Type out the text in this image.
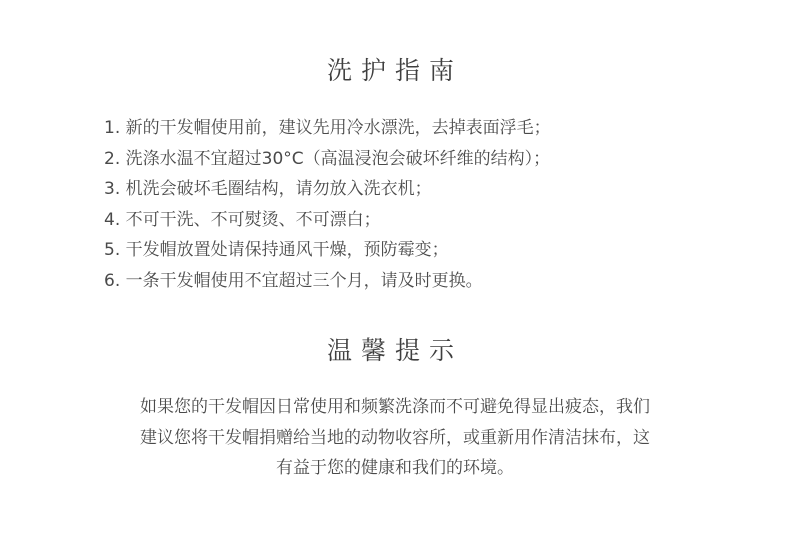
洗护指南
1. 新的干发帽使用前，建议先用冷水漂洗，去掉表面浮毛；
2. 洗涤水温不宜超过30°C（高温浸泡会破坏纤维的结构）；
3. 机洗会破坏毛圈结构，请勿放入洗衣机；
4. 不可干洗、不可熨烫、不可漂白；
5. 干发帽放置处请保持通风干燥，预防霉变；
6. 一条干发帽使用不宜超过三个月，请及时更换。
温馨提示
如果您的干发帽因日常使用和频繁洗涤而不可避免得显出疲态，我们
建议您将干发帽捐赠给当地的动物收容所，或重新用作清洁抹布，这
有益于您的健康和我们的环境。
